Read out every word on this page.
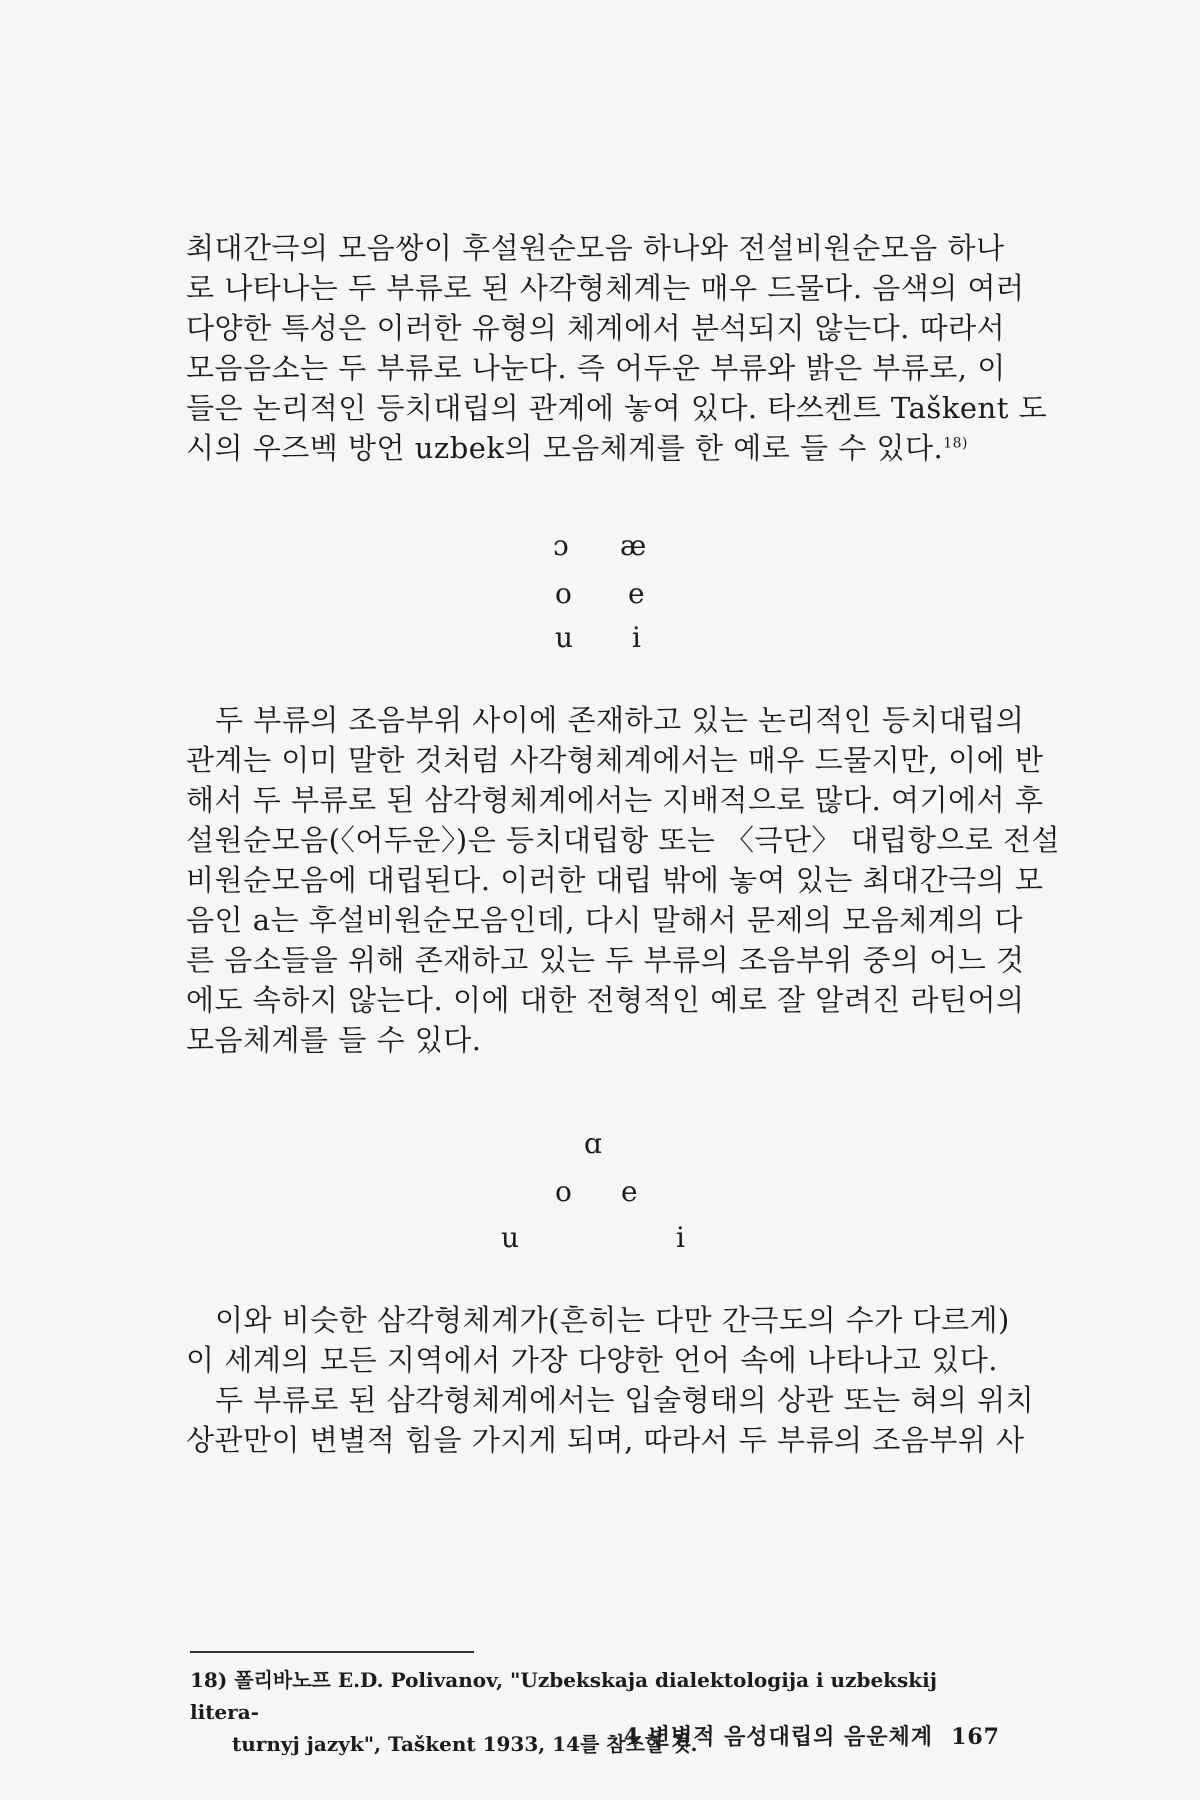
최대간극의 모음쌍이 후설원순모음 하나와 전설비원순모음 하나
로 나타나는 두 부류로 된 사각형체계는 매우 드물다. 음색의 여러
다양한 특성은 이러한 유형의 체계에서 분석되지 않는다. 따라서
모음음소는 두 부류로 나눈다. 즉 어두운 부류와 밝은 부류로, 이
들은 논리적인 등치대립의 관계에 놓여 있다. 타쓰켄트 Taškent 도
시의 우즈벡 방언 uzbek의 모음체계를 한 예로 들 수 있다.$^{18)}$
ɔ æ
o e
u i
두 부류의 조음부위 사이에 존재하고 있는 논리적인 등치대립의
관계는 이미 말한 것처럼 사각형체계에서는 매우 드물지만, 이에 반
해서 두 부류로 된 삼각형체계에서는 지배적으로 많다. 여기에서 후
설원순모음(〈어두운〉)은 등치대립항 또는 〈극단〉 대립항으로 전설
비원순모음에 대립된다. 이러한 대립 밖에 놓여 있는 최대간극의 모
음인 a는 후설비원순모음인데, 다시 말해서 문제의 모음체계의 다
른 음소들을 위해 존재하고 있는 두 부류의 조음부위 중의 어느 것
에도 속하지 않는다. 이에 대한 전형적인 예로 잘 알려진 라틴어의
모음체계를 들 수 있다.
ɑ
o e
u	i
이와 비슷한 삼각형체계가(흔히는 다만 간극도의 수가 다르게)
이 세계의 모든 지역에서 가장 다양한 언어 속에 나타나고 있다.
두 부류로 된 삼각형체계에서는 입술형태의 상관 또는 혀의 위치
상관만이 변별적 힘을 가지게 되며, 따라서 두 부류의 조음부위 사
18) 폴리바노프 E.D. Polivanov, "Uzbekskaja dialektologija i uzbekskij litera-
turnyj jazyk", Taškent 1933, 14를 참조할 것.
4 변별적 음성대립의 음운체계 167
